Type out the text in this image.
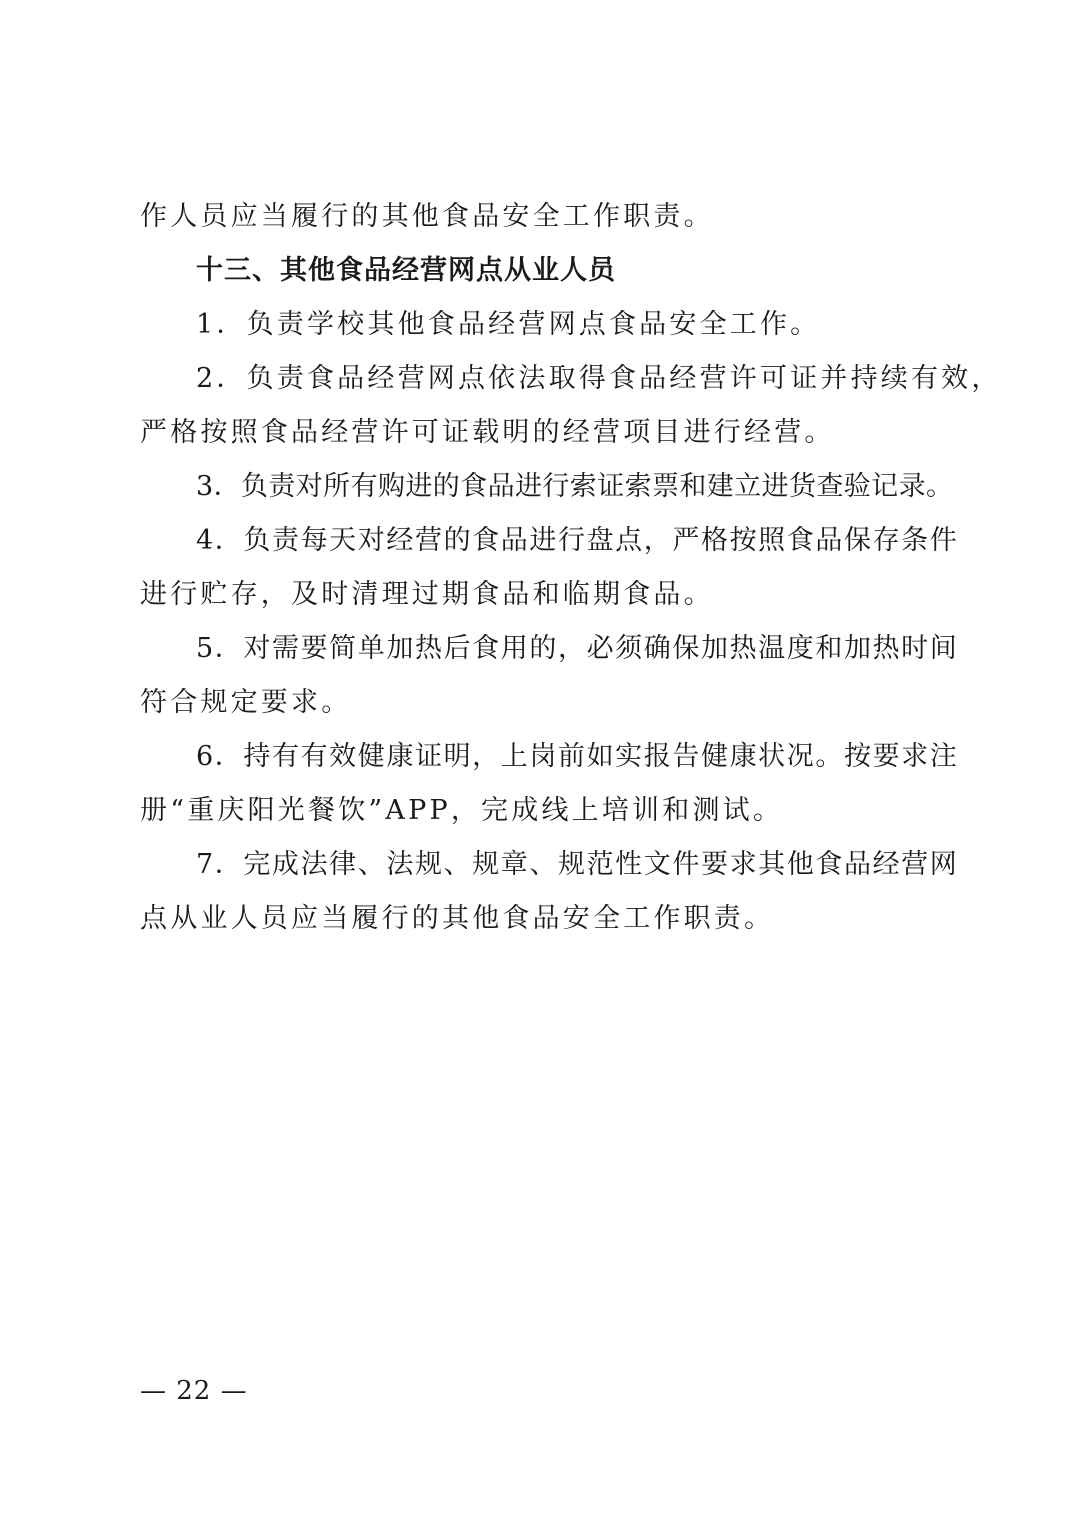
作人员应当履行的其他食品安全工作职责。
十三、其他食品经营网点从业人员
1．负责学校其他食品经营网点食品安全工作。
2．负责食品经营网点依法取得食品经营许可证并持续有效，
严格按照食品经营许可证载明的经营项目进行经营。
3．负责对所有购进的食品进行索证索票和建立进货查验记录。
4．负责每天对经营的食品进行盘点，严格按照食品保存条件
进行贮存，及时清理过期食品和临期食品。
5．对需要简单加热后食用的，必须确保加热温度和加热时间
符合规定要求。
6．持有有效健康证明，上岗前如实报告健康状况。按要求注
册“重庆阳光餐饮”APP，完成线上培训和测试。
7．完成法律、法规、规章、规范性文件要求其他食品经营网
点从业人员应当履行的其他食品安全工作职责。
— 22 —
